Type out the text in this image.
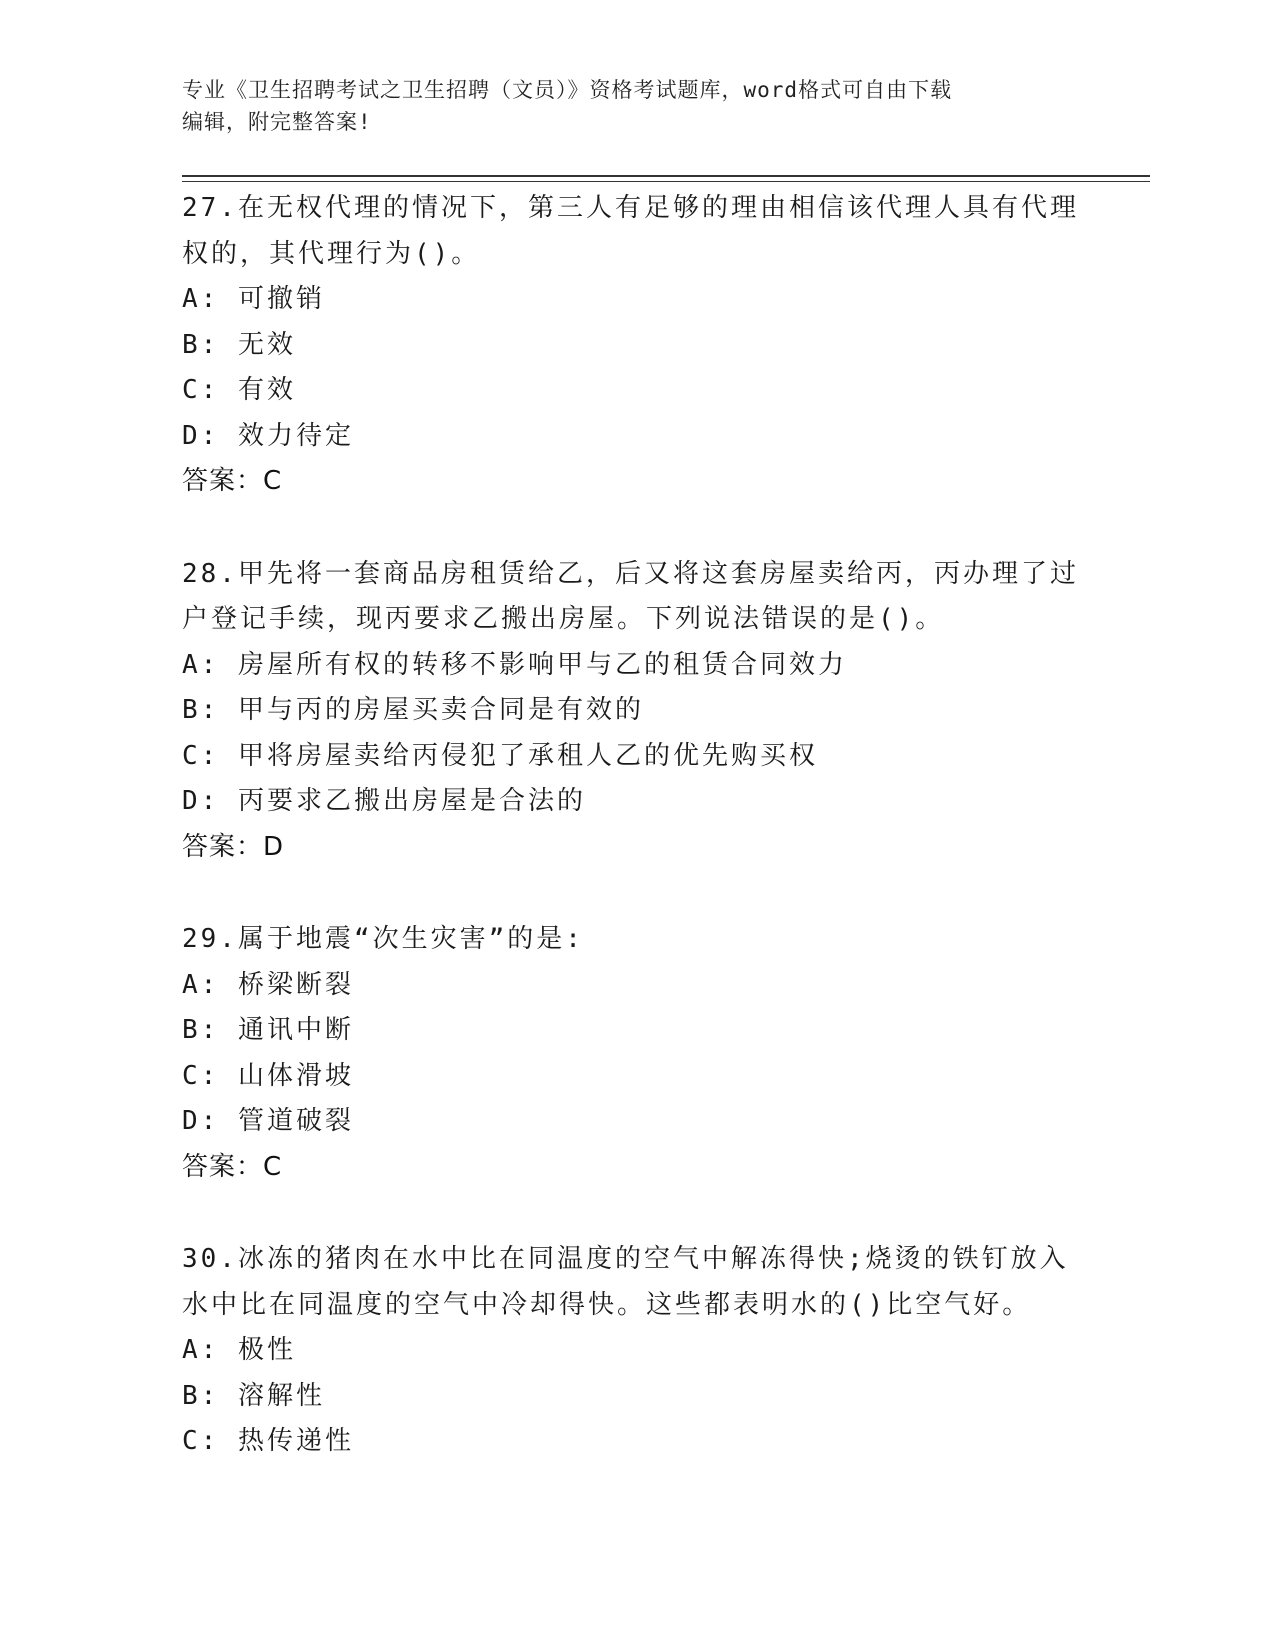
专业《卫生招聘考试之卫生招聘（文员）》资格考试题库，word格式可自由下载
编辑，附完整答案!
27.在无权代理的情况下，第三人有足够的理由相信该代理人具有代理
权的，其代理行为()。
A: 可撤销
B: 无效
C: 有效
D: 效力待定
答案：C
28.甲先将一套商品房租赁给乙，后又将这套房屋卖给丙，丙办理了过
户登记手续，现丙要求乙搬出房屋。下列说法错误的是()。
A: 房屋所有权的转移不影响甲与乙的租赁合同效力
B: 甲与丙的房屋买卖合同是有效的
C: 甲将房屋卖给丙侵犯了承租人乙的优先购买权
D: 丙要求乙搬出房屋是合法的
答案：D
29.属于地震“次生灾害”的是:
A: 桥梁断裂
B: 通讯中断
C: 山体滑坡
D: 管道破裂
答案：C
30.冰冻的猪肉在水中比在同温度的空气中解冻得快;烧烫的铁钉放入
水中比在同温度的空气中冷却得快。这些都表明水的()比空气好。
A: 极性
B: 溶解性
C: 热传递性
